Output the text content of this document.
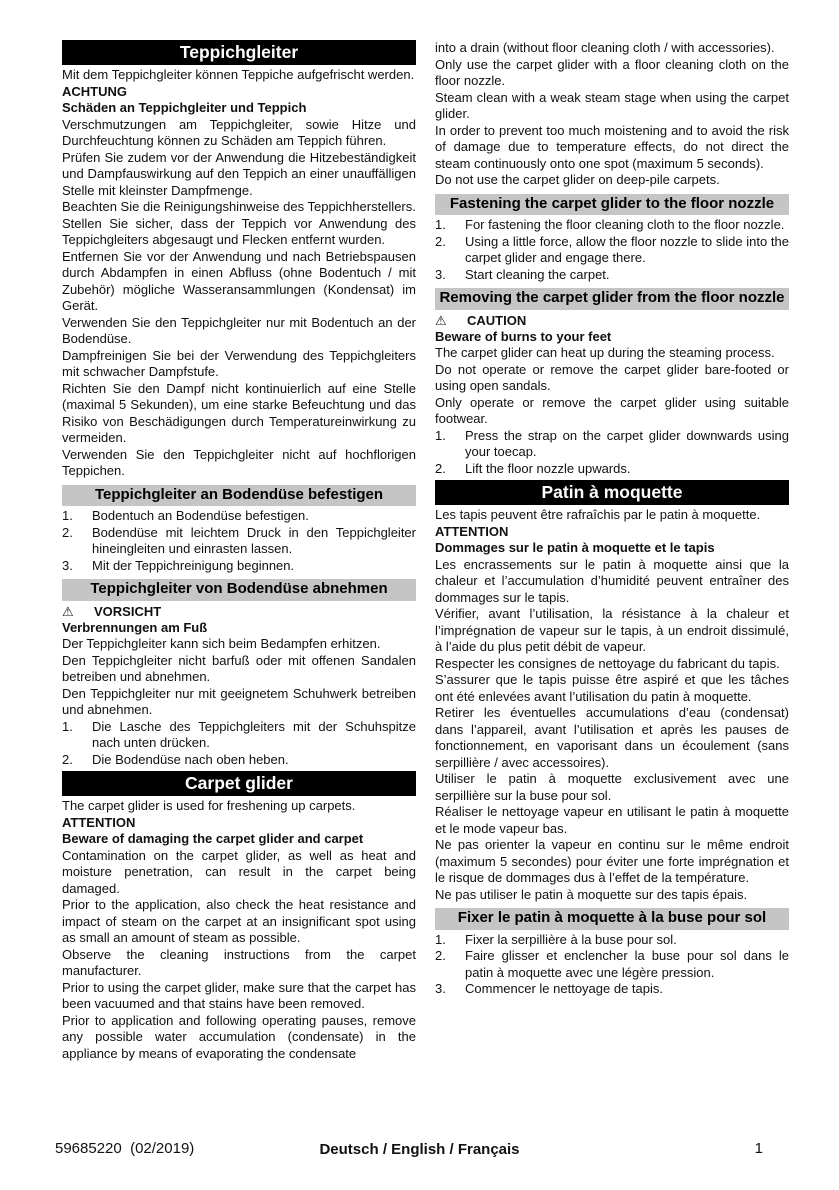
Teppichgleiter

Mit dem Teppichgleiter können Teppiche aufgefrischt werden.

ACHTUNG

Schäden an Teppichgleiter und Teppich

Verschmutzungen am Teppichgleiter, sowie Hitze und Durchfeuchtung können zu Schäden am Teppich führen.

Prüfen Sie zudem vor der Anwendung die Hitzebeständigkeit und Dampfauswirkung auf den Teppich an einer unauffälligen Stelle mit kleinster Dampfmenge.

Beachten Sie die Reinigungshinweise des Teppichherstellers.

Stellen Sie sicher, dass der Teppich vor Anwendung des Teppichgleiters abgesaugt und Flecken entfernt wurden.

Entfernen Sie vor der Anwendung und nach Betriebspausen durch Abdampfen in einen Abfluss (ohne Bodentuch / mit Zubehör) mögliche Wasseransammlungen (Kondensat) im Gerät.

Verwenden Sie den Teppichgleiter nur mit Bodentuch an der Bodendüse.

Dampfreinigen Sie bei der Verwendung des Teppichgleiters mit schwacher Dampfstufe.

Richten Sie den Dampf nicht kontinuierlich auf eine Stelle (maximal 5 Sekunden), um eine starke Befeuchtung und das Risiko von Beschädigungen durch Temperatureinwirkung zu vermeiden.

Verwenden Sie den Teppichgleiter nicht auf hochflorigen Teppichen.

Teppichgleiter an Bodendüse befestigen
1.	Bodentuch an Bodendüse befestigen.
2.	Bodendüse mit leichtem Druck in den Teppichgleiter hineingleiten und einrasten lassen.
3.	Mit der Teppichreinigung beginnen.
Teppichgleiter von Bodendüse abnehmen
⚠	VORSICHT

Verbrennungen am Fuß

Der Teppichgleiter kann sich beim Bedampfen erhitzen.

Den Teppichgleiter nicht barfuß oder mit offenen Sandalen betreiben und abnehmen.

Den Teppichgleiter nur mit geeignetem Schuhwerk betreiben und abnehmen.

1.	Die Lasche des Teppichgleiters mit der Schuhspitze nach unten drücken.
2.	Die Bodendüse nach oben heben.
Carpet glider

The carpet glider is used for freshening up carpets.

ATTENTION

Beware of damaging the carpet glider and carpet

Contamination on the carpet glider, as well as heat and moisture penetration, can result in the carpet being damaged.

Prior to the application, also check the heat resistance and impact of steam on the carpet at an insignificant spot using as small an amount of steam as possible.

Observe the cleaning instructions from the carpet manufacturer.

Prior to using the carpet glider, make sure that the carpet has been vacuumed and that stains have been removed.

Prior to application and following operating pauses, remove any possible water accumulation (condensate) in the appliance by means of evaporating the condensate

into a drain (without floor cleaning cloth / with accessories).

Only use the carpet glider with a floor cleaning cloth on the floor nozzle.

Steam clean with a weak steam stage when using the carpet glider.

In order to prevent too much moistening and to avoid the risk of damage due to temperature effects, do not direct the steam continuously onto one spot (maximum 5 seconds).

Do not use the carpet glider on deep-pile carpets.

Fastening the carpet glider to the floor nozzle
1.	For fastening the floor cleaning cloth to the floor nozzle.
2.	Using a little force, allow the floor nozzle to slide into the carpet glider and engage there.
3.	Start cleaning the carpet.
Removing the carpet glider from the floor nozzle
⚠	CAUTION

Beware of burns to your feet

The carpet glider can heat up during the steaming process.

Do not operate or remove the carpet glider bare-footed or using open sandals.

Only operate or remove the carpet glider using suitable footwear.

1.	Press the strap on the carpet glider downwards using your toecap.
2.	Lift the floor nozzle upwards.
Patin à moquette

Les tapis peuvent être rafraîchis par le patin à moquette.

ATTENTION

Dommages sur le patin à moquette et le tapis

Les encrassements sur le patin à moquette ainsi que la chaleur et l’accumulation d’humidité peuvent entraîner des dommages sur le tapis.

Vérifier, avant l’utilisation, la résistance à la chaleur et l’imprégnation de vapeur sur le tapis, à un endroit dissimulé, à l’aide du plus petit débit de vapeur.

Respecter les consignes de nettoyage du fabricant du tapis.

S’assurer que le tapis puisse être aspiré et que les tâches ont été enlevées avant l’utilisation du patin à moquette.

Retirer les éventuelles accumulations d’eau (condensat) dans l’appareil, avant l’utilisation et après les pauses de fonctionnement, en vaporisant dans un écoulement (sans serpillière / avec accessoires).

Utiliser le patin à moquette exclusivement avec une serpillière sur la buse pour sol.

Réaliser le nettoyage vapeur en utilisant le patin à moquette et le mode vapeur bas.

Ne pas orienter la vapeur en continu sur le même endroit (maximum 5 secondes) pour éviter une forte imprégnation et le risque de dommages dus à l’effet de la température.

Ne pas utiliser le patin à moquette sur des tapis épais.

Fixer le patin à moquette à la buse pour sol
1.	Fixer la serpillière à la buse pour sol.
2.	Faire glisser et enclencher la buse pour sol dans le patin à moquette avec une légère pression.
3.	Commencer le nettoyage de tapis.
59685220  (02/2019)	Deutsch / English / Français	1
